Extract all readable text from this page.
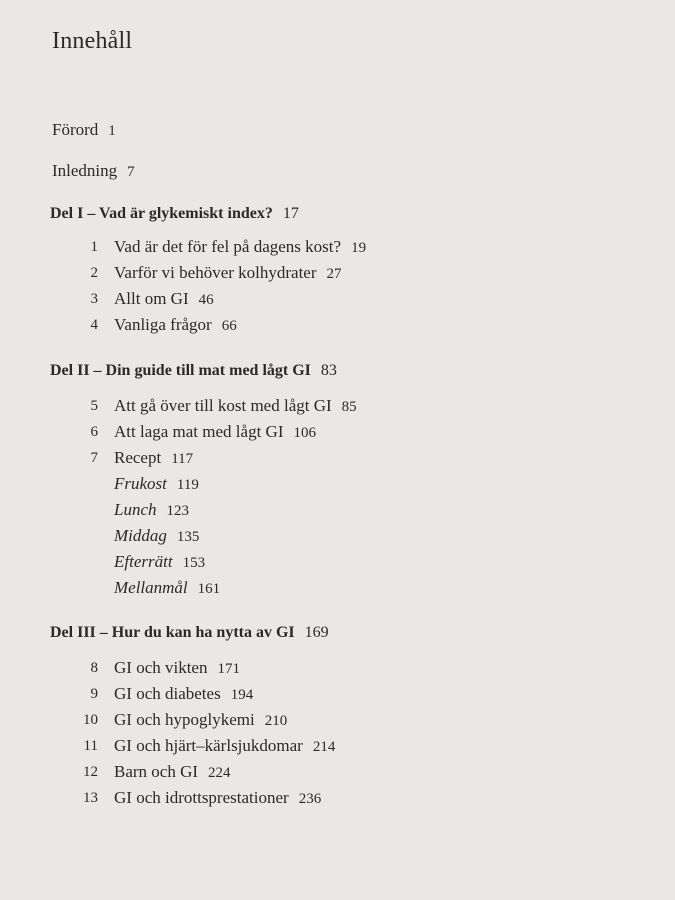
Innehåll
Förord 1
Inledning 7
Del I – Vad är glykemiskt index? 17
1 Vad är det för fel på dagens kost? 19
2 Varför vi behöver kolhydrater 27
3 Allt om GI 46
4 Vanliga frågor 66
Del II – Din guide till mat med lågt GI 83
5 Att gå över till kost med lågt GI 85
6 Att laga mat med lågt GI 106
7 Recept 117
Frukost 119
Lunch 123
Middag 135
Efterrätt 153
Mellanmål 161
Del III – Hur du kan ha nytta av GI 169
8 GI och vikten 171
9 GI och diabetes 194
10 GI och hypoglykemi 210
11 GI och hjärt–kärlsjukdomar 214
12 Barn och GI 224
13 GI och idrottsprestationer 236
